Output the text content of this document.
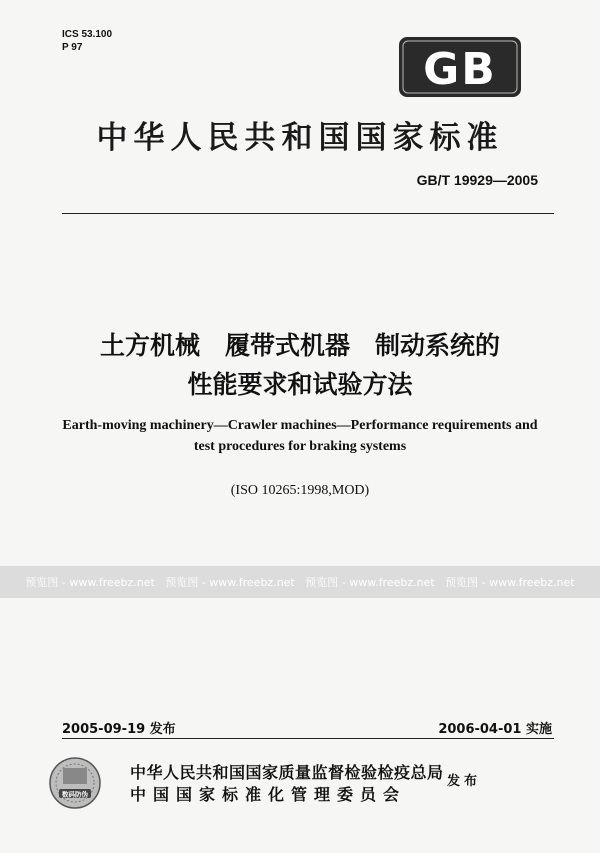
ICS 53.100
P 97	GB
中华人民共和国国家标准
GB/T 19929—2005
土方机械　履带式机器　制动系统的
性能要求和试验方法
Earth-moving machinery—Crawler machines—Performance requirements and
test procedures for braking systems
(ISO 10265:1998,MOD)
预览图 - www.freebz.net   预览图 - www.freebz.net   预览图 - www.freebz.net   预览图 - www.freebz.net
2005-09-19 发布	2006-04-01 实施
数码防伪
中华人民共和国国家质量监督检验检疫总局
中国国家标准化管理委员会
发布
